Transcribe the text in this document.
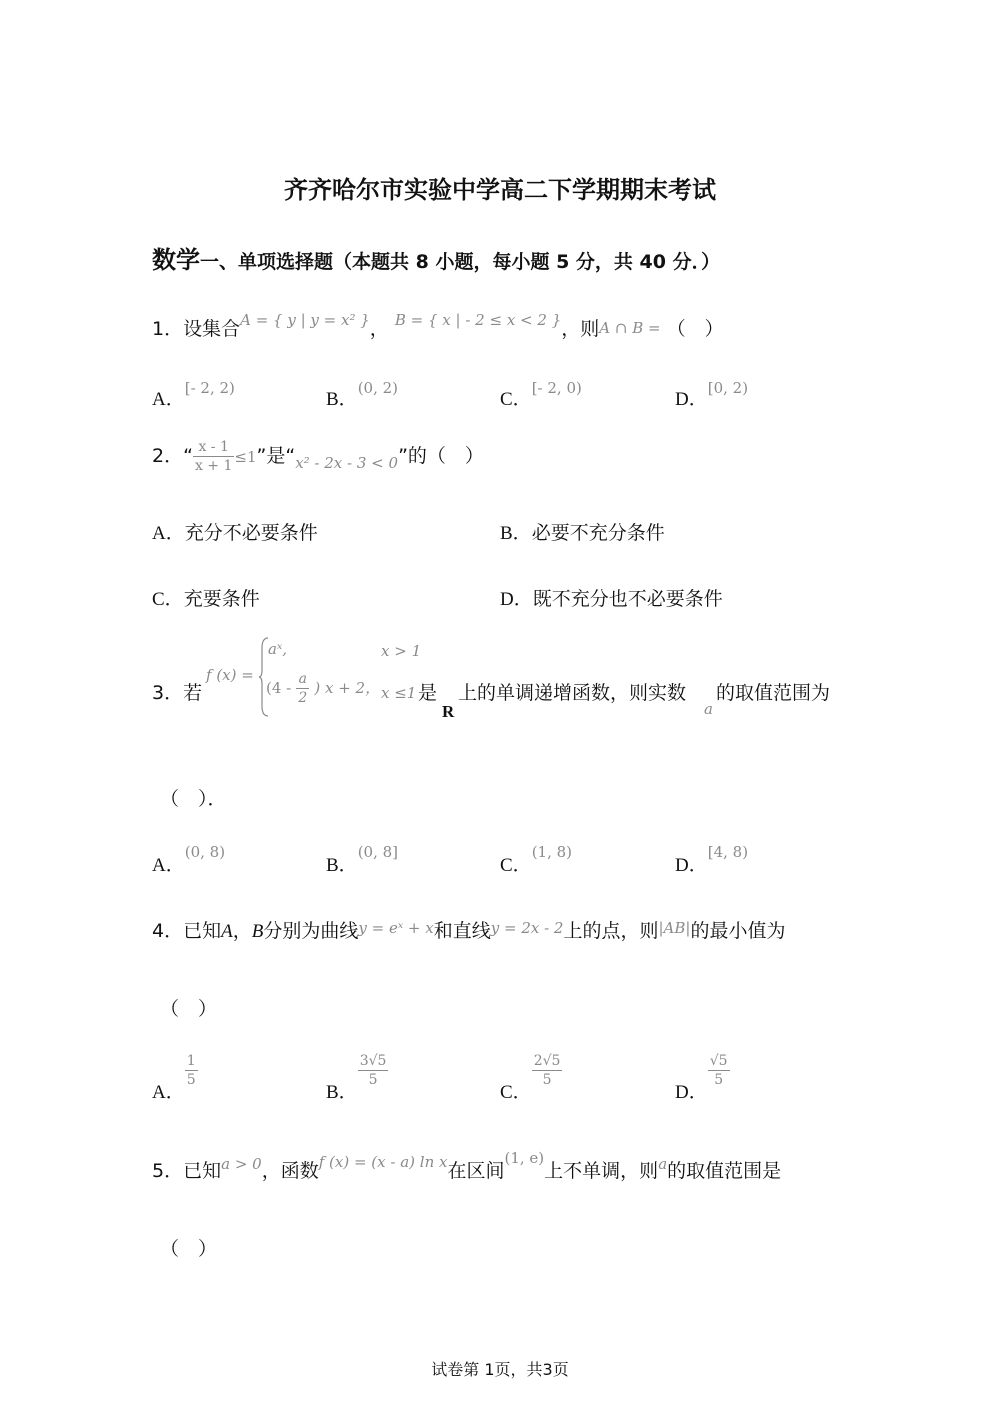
齐齐哈尔市实验中学高二下学期期末考试
数学一、单项选择题（本题共 8 小题，每小题 5 分，共 40 分．）
1．设集合$^{A = \{ y | y = x^2 \}}$， $^{B = \{ x | - 2 \le x < 2 \}}$，则A ∩ B = （　）
A．$^{[- 2, 2)}$
B．$^{(0, 2)}$
C．$^{[- 2, 0)}$
D．$^{[0, 2)}$
2．“ $\frac{x - 1}{x + 1} \le 1$”是“$_{x^2 - 2x - 3 < 0}$”的（　）
A．充分不必要条件	B．必要不充分条件
C．充要条件	D．既不充分也不必要条件
3．若
f (x) =
aˣ,	x > 1
($4 - \frac{a}{2}$ ) x + 2， x ≤1 是
R
上的单调递增函数，则实数
a
的取值范围为
（　）．
A．$^{(0, 8)}$
B．$^{(0, 8]}$
C．$^{(1, 8)}$
D．$^{[4, 8)}$
4．已知A，B分别为曲线$^{y = eˣ + x}$和直线$^{y = 2x - 2}$上的点，则$^{|AB|}$的最小值为
（　）
A．
$\frac{1}{5}$
B．
$\frac{3√5}{5}$
C．
$\frac{2√5}{5}$
D．
$\frac{√5}{5}$
5．已知$^{a > 0}$，函数$^{f (x) = (x - a) ln x}$在区间$^{(1, e)}$上不单调，则$^a$的取值范围是
（　）
试卷第 1页，共3页
